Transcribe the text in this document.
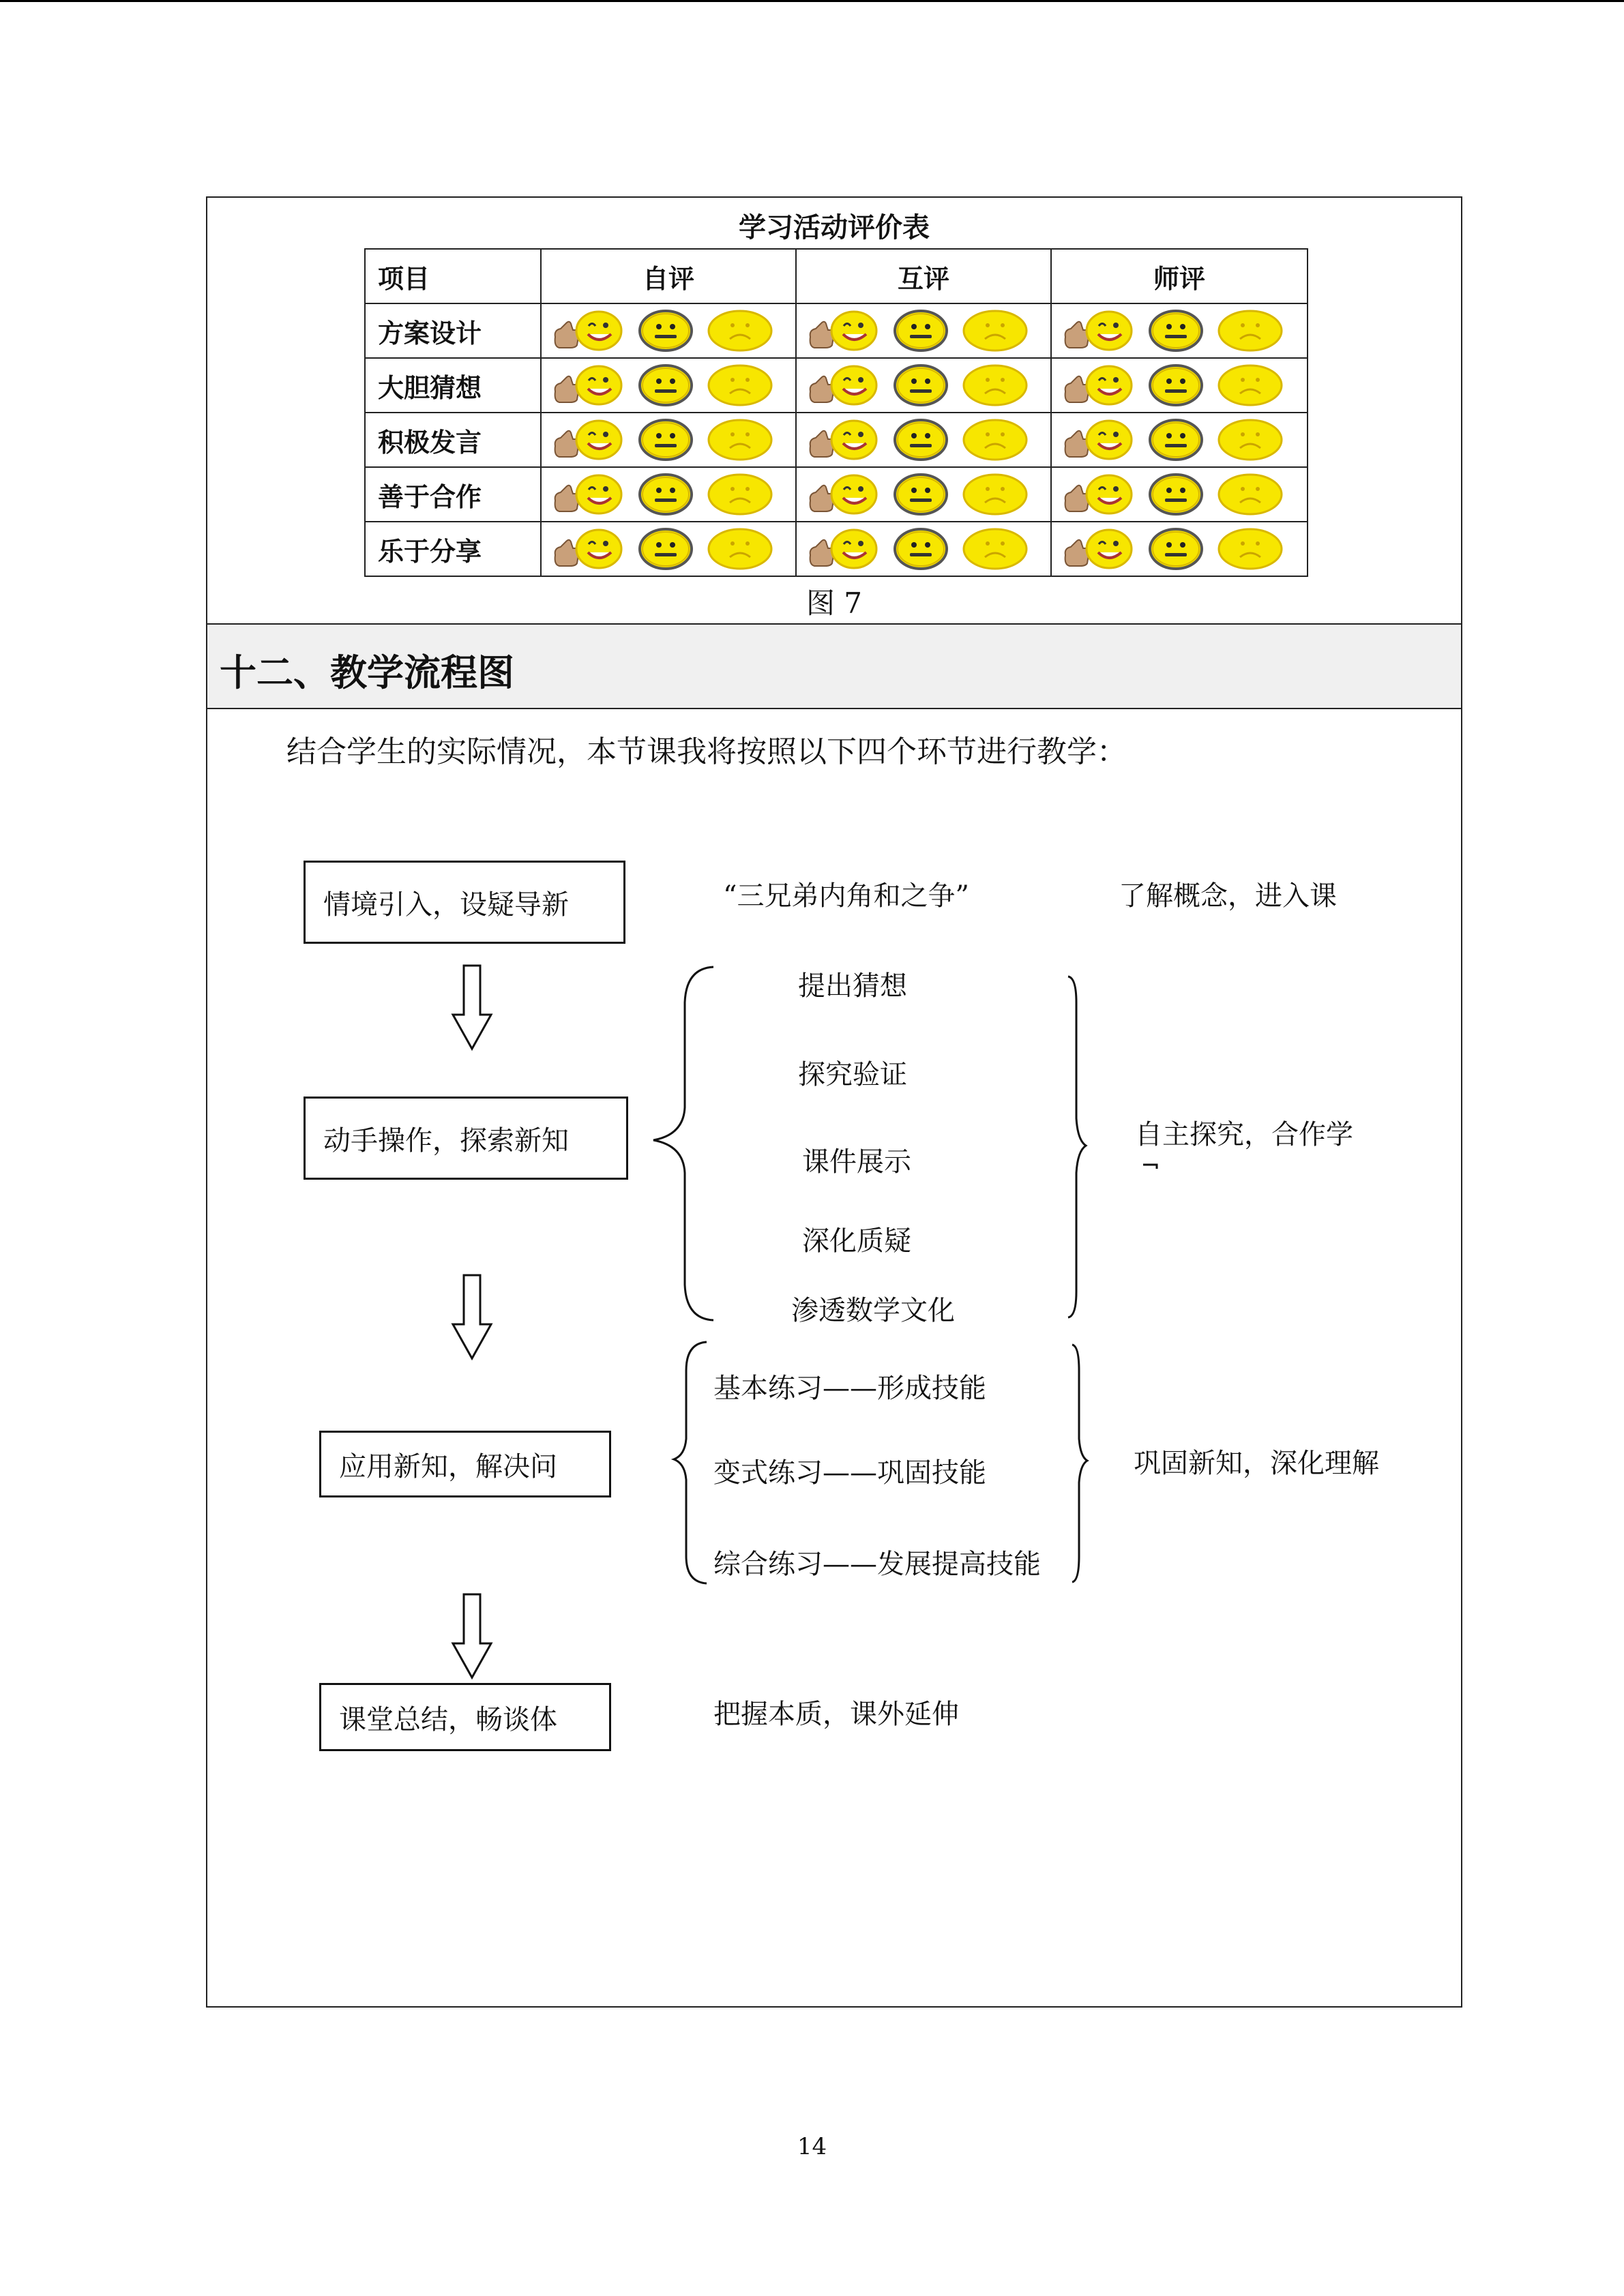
学习活动评价表
项目	自评	互评	师评
方案设计	

大胆猜想	

积极发言	

善于合作	

乐于分享	

图 7
十二、教学流程图
结合学生的实际情况，本节课我将按照以下四个环节进行教学：
情境引入，设疑导新	“三兄弟内角和之争”	了解概念，进入课
动手操作，探索新知
提出猜想
探究验证
课件展示
深化质疑
渗透数学文化
自主探究，合作学
应用新知，解决问
基本练习——形成技能
变式练习——巩固技能
综合练习——发展提高技能
巩固新知，深化理解
课堂总结，畅谈体	把握本质，课外延伸
14
